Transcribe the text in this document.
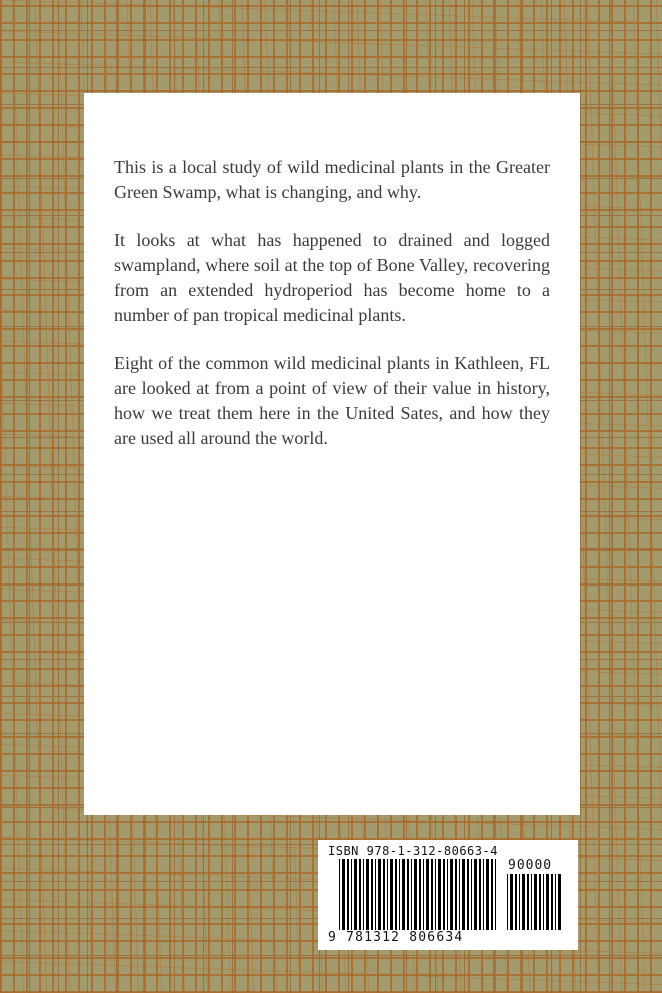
This is a local study of wild medicinal plants in the Greater Green Swamp, what is changing, and why.

It looks at what has happened to drained and logged swampland, where soil at the top of Bone Valley, recovering from an extended hydroperiod has become home to a number of pan tropical medicinal plants.

Eight of the common wild medicinal plants in Kathleen, FL are looked at from a point of view of their value in history, how we treat them here in the United Sates, and how they are used all around the world.

ISBN 978-1-312-80663-4
90000
9 781312 806634
